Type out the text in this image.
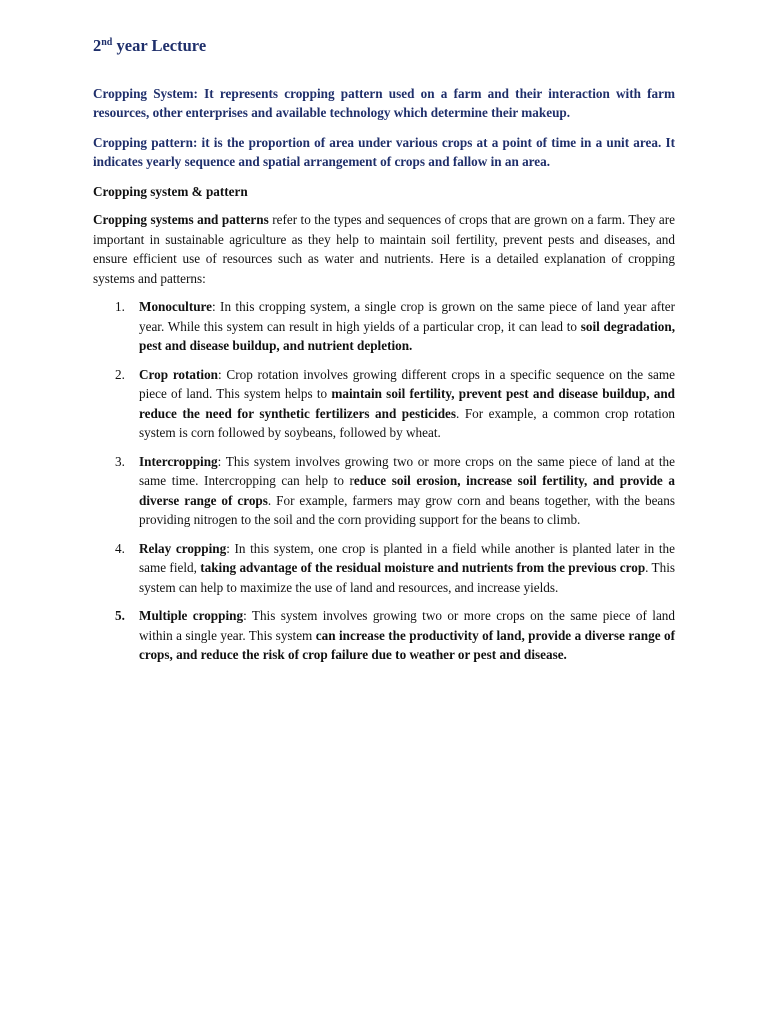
2nd year Lecture

Cropping System: It represents cropping pattern used on a farm and their interaction with farm resources, other enterprises and available technology which determine their makeup.

Cropping pattern: it is the proportion of area under various crops at a point of time in a unit area. It indicates yearly sequence and spatial arrangement of crops and fallow in an area.

Cropping system & pattern

Cropping systems and patterns refer to the types and sequences of crops that are grown on a farm. They are important in sustainable agriculture as they help to maintain soil fertility, prevent pests and diseases, and ensure efficient use of resources such as water and nutrients. Here is a detailed explanation of cropping systems and patterns:

1. Monoculture: In this cropping system, a single crop is grown on the same piece of land year after year. While this system can result in high yields of a particular crop, it can lead to soil degradation, pest and disease buildup, and nutrient depletion.
2. Crop rotation: Crop rotation involves growing different crops in a specific sequence on the same piece of land. This system helps to maintain soil fertility, prevent pest and disease buildup, and reduce the need for synthetic fertilizers and pesticides. For example, a common crop rotation system is corn followed by soybeans, followed by wheat.
3. Intercropping: This system involves growing two or more crops on the same piece of land at the same time. Intercropping can help to reduce soil erosion, increase soil fertility, and provide a diverse range of crops. For example, farmers may grow corn and beans together, with the beans providing nitrogen to the soil and the corn providing support for the beans to climb.
4. Relay cropping: In this system, one crop is planted in a field while another is planted later in the same field, taking advantage of the residual moisture and nutrients from the previous crop. This system can help to maximize the use of land and resources, and increase yields.
5. Multiple cropping: This system involves growing two or more crops on the same piece of land within a single year. This system can increase the productivity of land, provide a diverse range of crops, and reduce the risk of crop failure due to weather or pest and disease.
